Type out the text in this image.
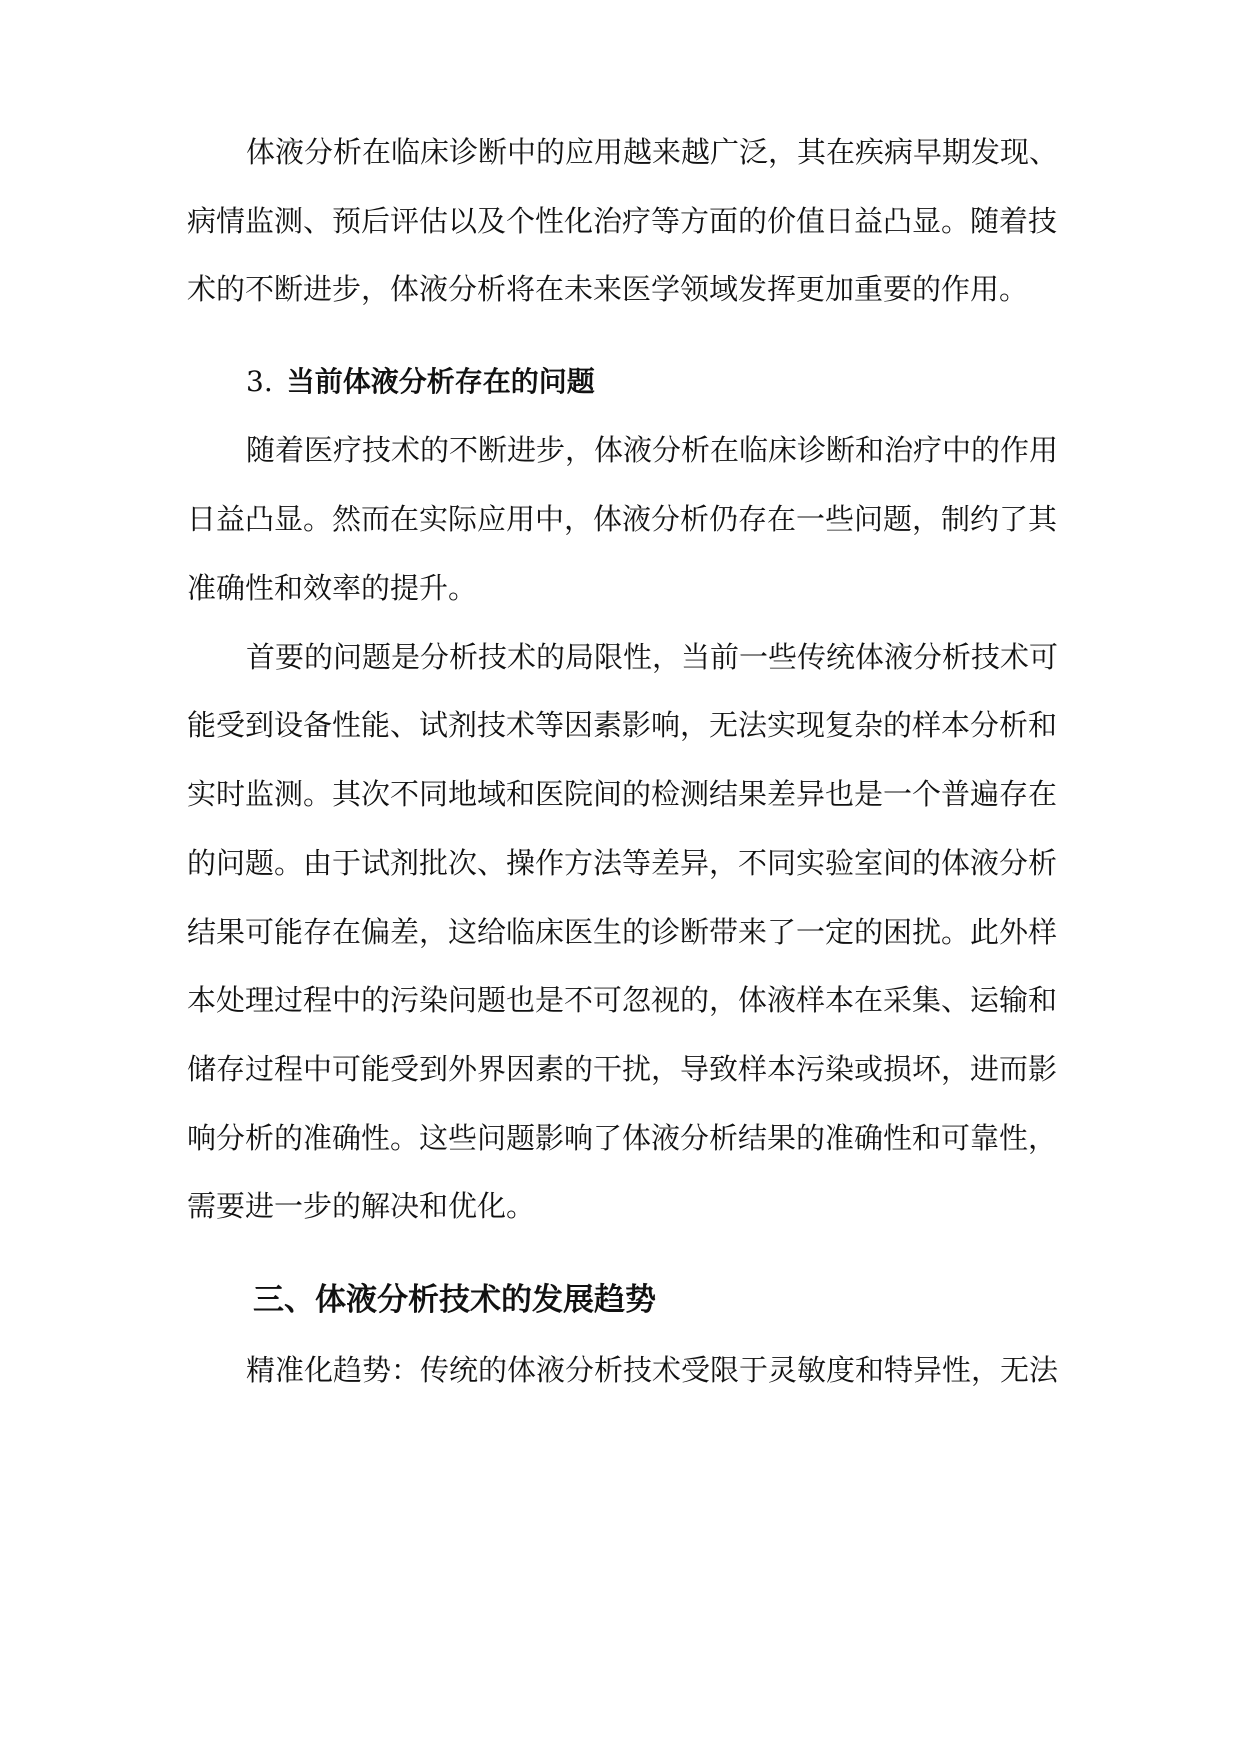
体液分析在临床诊断中的应用越来越广泛，其在疾病早期发现、
病情监测、预后评估以及个性化治疗等方面的价值日益凸显。随着技
术的不断进步，体液分析将在未来医学领域发挥更加重要的作用。
3. 当前体液分析存在的问题
随着医疗技术的不断进步，体液分析在临床诊断和治疗中的作用
日益凸显。然而在实际应用中，体液分析仍存在一些问题，制约了其
准确性和效率的提升。
首要的问题是分析技术的局限性，当前一些传统体液分析技术可
能受到设备性能、试剂技术等因素影响，无法实现复杂的样本分析和
实时监测。其次不同地域和医院间的检测结果差异也是一个普遍存在
的问题。由于试剂批次、操作方法等差异，不同实验室间的体液分析
结果可能存在偏差，这给临床医生的诊断带来了一定的困扰。此外样
本处理过程中的污染问题也是不可忽视的，体液样本在采集、运输和
储存过程中可能受到外界因素的干扰，导致样本污染或损坏，进而影
响分析的准确性。这些问题影响了体液分析结果的准确性和可靠性，
需要进一步的解决和优化。
三、体液分析技术的发展趋势
精准化趋势：传统的体液分析技术受限于灵敏度和特异性，无法
